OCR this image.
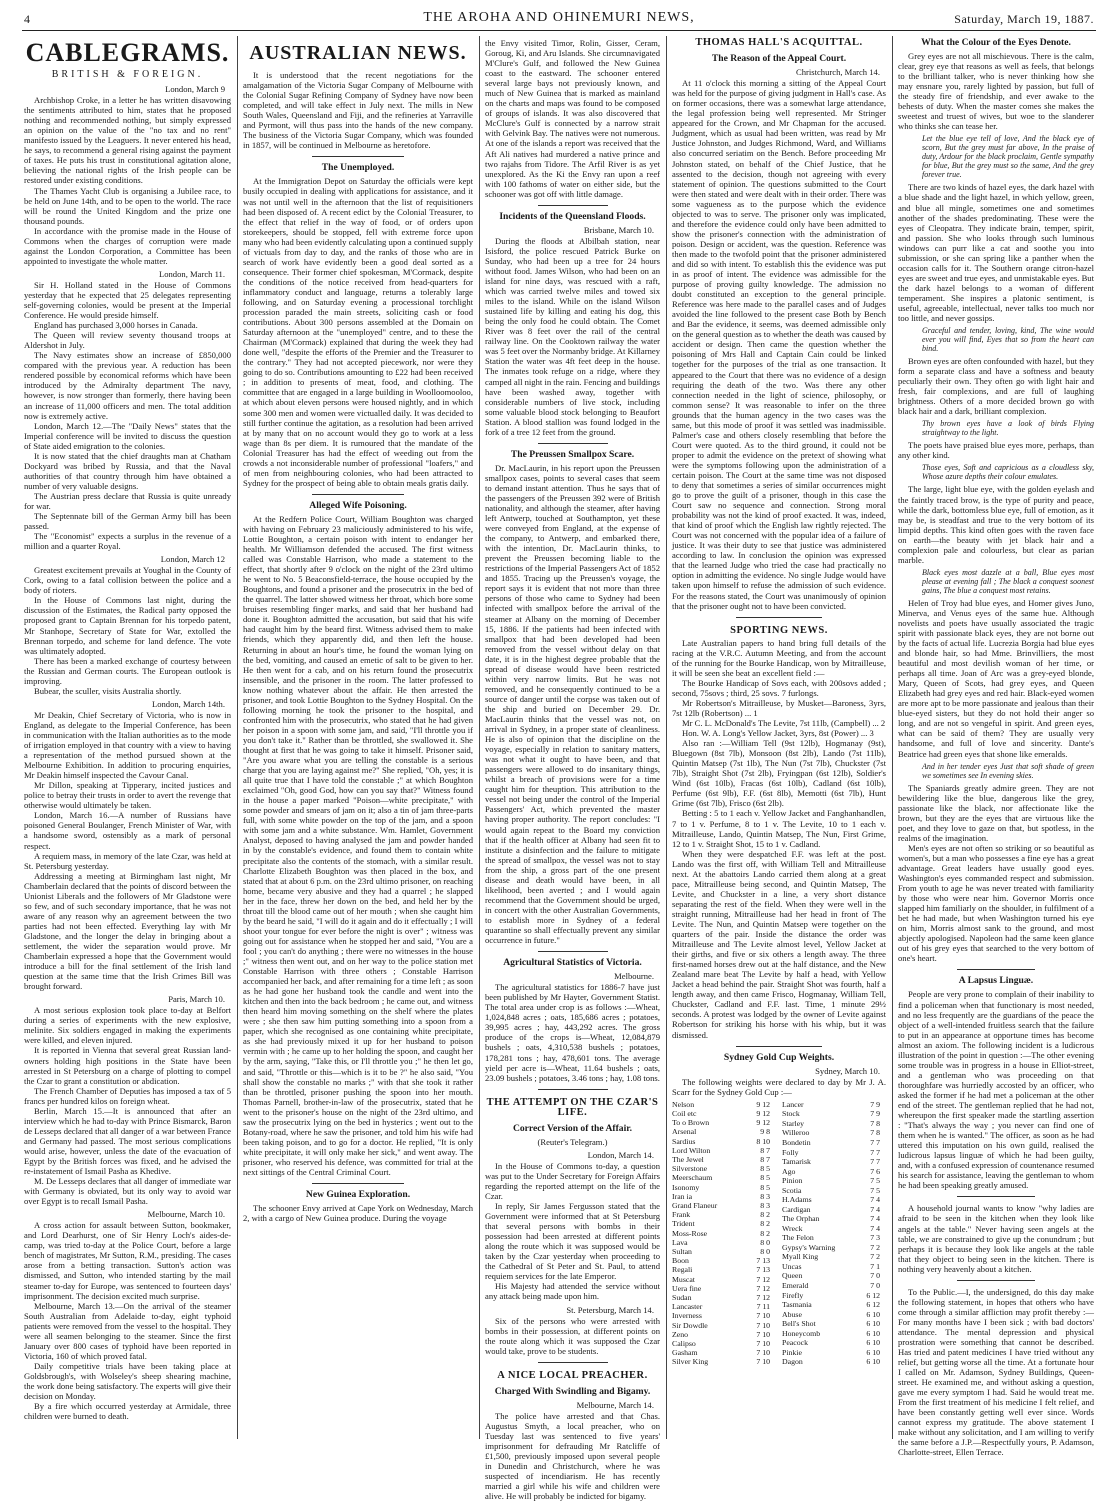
4	THE AROHA AND OHINEMURI NEWS,	Saturday, March 19, 1887.
CABLEGRAMS.
BRITISH & FOREIGN.
London, March 9

Archbishop Croke, in a letter he has written disavowing the sentiments attributed to him, states that he proposed nothing and recommended nothing, but simply expressed an opinion on the value of the "no tax and no rent" manifesto issued by the Leaguers. It never entered his head, he says, to recommend a general rising against the payment of taxes. He puts his trust in constitutional agitation alone, believing the national rights of the Irish people can be restored under existing conditions.

The Thames Yacht Club is organising a Jubilee race, to be held on June 14th, and to be open to the world. The race will be round the United Kingdom and the prize one thousand pounds.

In accordance with the promise made in the House of Commons when the charges of corruption were made against the London Corporation, a Committee has been appointed to investigate the whole matter.

London, March 11.

Sir H. Holland stated in the House of Commons yesterday that he expected that 25 delegates representing self-governing colonies, would be present at the Imperial Conference. He would preside himself.

England has purchased 3,000 horses in Canada.

The Queen will review seventy thousand troops at Aldershot in July.

The Navy estimates show an increase of £850,000 compared with the previous year. A reduction has been rendered possible by economical reforms which have been introduced by the Admiralty department The navy, however, is now stronger than formerly, there having been an increase of 11,000 officers and men. The total addition now is extremely active.

London, March 12.—The "Daily News" states that the Imperial conference will be invited to discuss the question of State aided emigration to the colonies.

It is now stated that the chief draughts man at Chatham Dockyard was bribed by Russia, and that the Naval authorities of that country through him have obtained a number of very valuable designs.

The Austrian press declare that Russia is quite unready for war.

The Septennate bill of the German Army bill has been passed.

The "Economist" expects a surplus in the revenue of a million and a quarter Royal.

London, March 12

Greatest excitement prevails at Youghal in the County of Cork, owing to a fatal collision between the police and a body of rioters.

In the House of Commons last night, during the discussion of the Estimates, the Radical party opposed the proposed grant to Captain Brennan for his torpedo patent, Mr Stanhope, Secretary of State for War, extolled the Brennan torpedo, and scheme for land defence. The vote was ultimately adopted.

There has been a marked exchange of courtesy between the Russian and German courts. The European outlook is improving.

Bubear, the sculler, visits Australia shortly.

London, March 14th.

Mr Deakin, Chief Secretary of Victoria, who is now in England, as delegate to the Imperial Conference, has been in communication with the Italian authorities as to the mode of irrigation employed in that country with a view to having a representation of the method pursued shown at the Melbourne Exhibition. In addition to procuring enquiries, Mr Deakin himself inspected the Cavour Canal.

Mr Dillon, speaking at Tipperary, incited justices and police to betray their trusts in order to avert the revenge that otherwise would ultimately be taken.

London, March 16.—A number of Russians have poisoned General Boulanger, French Minister of War, with a handsome sword, ostensibly as a mark of personal respect.

A requiem mass, in memory of the late Czar, was held at St. Petersburg yesterday.

Addressing a meeting at Birmingham last night, Mr Chamberlain declared that the points of discord between the Unionist Liberals and the followers of Mr Gladstone were so few, and of such secondary importance, that he was not aware of any reason why an agreement between the two parties had not been effected. Everything lay with Mr Gladstone, and the longer the delay in bringing about a settlement, the wider the separation would prove. Mr Chamberlain expressed a hope that the Government would introduce a bill for the final settlement of the Irish land question at the same time that the Irish Crimes Bill was brought forward.

Paris, March 10.

A most serious explosion took place to-day at Belfort during a series of experiments with the new explosive, melinite. Six soldiers engaged in making the experiments were killed, and eleven injured.

It is reported in Vienna that several great Russian land-owners holding high positions in the State have been arrested in St Petersburg on a charge of plotting to compel the Czar to grant a constitution or abdication.

The French Chamber of Deputies has imposed a tax of 5 francs per hundred kilos on foreign wheat.

Berlin, March 15.—It is announced that after an interview which he had to-day with Prince Bismarck, Baron de Lesseps declared that all danger of a war between France and Germany had passed. The most serious complications would arise, however, unless the date of the evacuation of Egypt by the British forces was fixed, and he advised the re-instatement of Ismail Pasha as Khedive.

M. De Lesseps declares that all danger of immediate war with Germany is obviated, but its only way to avoid war over Egypt is to recall Ismail Pasha.

Melbourne, March 10.

A cross action for assault between Sutton, bookmaker, and Lord Dearhurst, one of Sir Henry Loch's aides-de-camp, was tried to-day at the Police Court, before a large bench of magistrates, Mr Sutton, R.M., presiding. The cases arose from a betting transaction. Sutton's action was dismissed, and Sutton, who intended starting by the mail steamer to-day for Europe, was sentenced to fourteen days' imprisonment. The decision excited much surprise.

Melbourne, March 13.—On the arrival of the steamer South Australian from Adelaide to-day, eight typhoid patients were removed from the vessel to the hospital. They were all seamen belonging to the steamer. Since the first January over 800 cases of typhoid have been reported in Victoria, 160 of which proved fatal.

Daily competitive trials have been taking place at Goldsbrough's, with Wolseley's sheep shearing machine, the work done being satisfactory. The experts will give their decision on Monday.

By a fire which occurred yesterday at Armidale, three children were burned to death.

AUSTRALIAN NEWS.

It is understood that the recent negotiations for the amalgamation of the Victoria Sugar Company of Melbourne with the Colonial Sugar Refining Company of Sydney have now been completed, and will take effect in July next. The mills in New South Wales, Queensland and Fiji, and the refineries at Yarraville and Pyrmont, will thus pass into the hands of the new company. The business of the Victoria Sugar Company, which was founded in 1857, will be continued in Melbourne as heretofore.

The Unemployed.

At the Immigration Depot on Saturday the officials were kept busily occupied in dealing with applications for assistance, and it was not until well in the afternoon that the list of requisitioners had been disposed of. A recent edict by the Colonial Treasurer, to the effect that relief in the way of food, or of orders upon storekeepers, should be stopped, fell with extreme force upon many who had been evidently calculating upon a continued supply of victuals from day to day, and the ranks of those who are in search of work have evidently been a good deal sorted as a consequence. Their former chief spokesman, M'Cormack, despite the conditions of the notice received from head-quarters for inflammatory conduct and language, returns a tolerably large following, and on Saturday evening a processional torchlight procession paraded the main streets, soliciting cash or food contributions. About 300 persons assembled at the Domain on Saturday afternoon at the "unemployed" centre, and to these the Chairman (M'Cormack) explained that during the week they had done well, "despite the efforts of the Premier and the Treasurer to the contrary." They had not accepted piecework, nor were they going to do so. Contributions amounting to £22 had been received ; in addition to presents of meat, food, and clothing. The committee that are engaged in a large building in Woolloomooloo, at which about eleven persons were housed nightly, and in which some 300 men and women were victualled daily. It was decided to still further continue the agitation, as a resolution had been arrived at by many that on no account would they go to work at a less wage than 8s per diem. It is rumoured that the mandate of the Colonial Treasurer has had the effect of weeding out from the crowds a not inconsiderable number of professional "loafers," and of men from neighbouring colonies, who had been attracted to Sydney for the prospect of being able to obtain meals gratis daily.

Alleged Wife Poisoning.

At the Redfern Police Court, William Boughton was charged with having on February 23 maliciously administered to his wife, Lottie Boughton, a certain poison with intent to endanger her health. Mr Williamson defended the accused. The first witness called was Constable Harrison, who made a statement to the effect, that shortly after 9 o'clock on the night of the 23rd ultimo he went to No. 5 Beaconsfield-terrace, the house occupied by the Boughtons, and found a prisoner and the prosecutrix in the bed of the quarrel. The latter showed witness her throat, which bore some bruises resembling finger marks, and said that her husband had done it. Boughton admitted the accusation, but said that his wife had caught him by the beard first. Witness advised them to make friends, which they apparently did, and then left the house. Returning in about an hour's time, he found the woman lying on the bed, vomiting, and caused an emetic of salt to be given to her. He then went for a cab, and on his return found the prosecutrix insensible, and the prisoner in the room. The latter professed to know nothing whatever about the affair. He then arrested the prisoner, and took Lottie Boughton to the Sydney Hospital. On the following morning he took the prisoner to the hospital, and confronted him with the prosecutrix, who stated that he had given her poison in a spoon with some jam, and said, "I'll throttle you if you don't take it." Rather than be throttled, she swallowed it. She thought at first that he was going to take it himself. Prisoner said, "Are you aware what you are telling the constable is a serious charge that you are laying against me?" She replied, "Oh, yes; it is all quite true that I have told the constable ;" at which Boughton exclaimed "Oh, good God, how can you say that?" Witness found in the house a paper marked "Poison—white precipitate," with some powder and smears of jam on it; also a tin of jam three-parts full, with some white powder on the top of the jam, and a spoon with some jam and a white substance. Wm. Hamlet, Government Analyst, deposed to having analysed the jam and powder handed in by the constable's evidence, and found them to contain white precipitate also the contents of the stomach, with a similar result. Charlotte Elizabeth Boughton was then placed in the box, and stated that at about 6 p.m. on the 23rd ultimo prisoner, on reaching home, became very abusive and they had a quarrel ; he slapped her in the face, threw her down on the bed, and held her by the throat till the blood came out of her mouth ; when she caught him by the beard he said, "I will do it again and do it effectually ; I will shoot your tongue for ever before the night is over" ; witness was going out for assistance when he stopped her and said, "You are a fool ; you can't do anything ; there were no witnesses in the house ;" witness then went out, and on her way to the police station met Constable Harrison with three others ; Constable Harrison accompanied her back, and after remaining for a time left ; as soon as he had gone her husband took the candle and went into the kitchen and then into the back bedroom ; he came out, and witness then heard him moving something on the shelf where the plates were ; she then saw him putting something into a spoon from a paper, which she recognised as one containing white precipitate, as she had previously mixed it up for her husband to poison vermin with ; he came up to her holding the spoon, and caught her by the arm, saying, "Take this, or I'll throttle you ;" he then let go, and said, "Throttle or this—which is it to be ?" he also said, "You shall show the constable no marks ;" with that she took it rather than be throttled, prisoner pushing the spoon into her mouth. Thomas Parnell, brother-in-law of the prosecutrix, stated that he went to the prisoner's house on the night of the 23rd ultimo, and saw the prosecutrix lying on the bed in hysterics ; went out to the Botany-road, where he saw the prisoner, and told him his wife had been taking poison, and to go for a doctor. He replied, "It is only white precipitate, it will only make her sick," and went away. The prisoner, who reserved his defence, was committed for trial at the next sittings of the Central Criminal Court.

New Guinea Exploration.

The schooner Envy arrived at Cape York on Wednesday, March 2, with a cargo of New Guinea produce. During the voyage

the Envy visited Timor, Rolin, Gisser, Ceram, Goroug, Ki, and Aru Islands. She circumnavigated M'Clure's Gulf, and followed the New Guinea coast to the eastward. The schooner entered several large bays not previously known, and much of New Guinea that is marked as mainland on the charts and maps was found to be composed of groups of islands. It was also discovered that McClure's Gulf is connected by a narrow strait with Gelvink Bay. The natives were not numerous. At one of the islands a report was received that the Aft Ali natives had murdered a native prince and two rajahs from Tidore. The Arfil River is as yet unexplored. As the Ki the Envy ran upon a reef with 100 fathoms of water on either side, but the schooner was got off with little damage.

Incidents of the Queensland Floods.
Brisbane, March 10.

During the floods at Albilbah station, near Isisford, the police rescued Patrick Burke on Sunday, who had been up a tree for 24 hours without food. James Wilson, who had been on an island for nine days, was rescued with a raft, which was carried twelve miles and towed six miles to the island. While on the island Wilson sustained life by killing and eating his dog, this being the only food he could obtain. The Comet River was 8 feet over the rail of the central railway line. On the Cooktown railway the water was 5 feet over the Normanby bridge. At Killarney Station the water was 4ft feet deep in the house. The inmates took refuge on a ridge, where they camped all night in the rain. Fencing and buildings have been washed away, together with considerable numbers of live stock, including some valuable blood stock belonging to Beaufort Station. A blood stallion was found lodged in the fork of a tree 12 feet from the ground.

The Preussen Smallpox Scare.

Dr. MacLaurin, in his report upon the Preussen smallpox cases, points to several cases that seem to demand instant attention. Thus he says that of the passengers of the Preussen 392 were of British nationality, and although the steamer, after having left Antwerp, touched at Southampton, yet these were conveyed from England, at the expense of the company, to Antwerp, and embarked there, with the intention, Dr. MacLaurin thinks, to prevent the Preussen becoming liable to the restrictions of the Imperial Passengers Act of 1852 and 1855. Tracing up the Preussen's voyage, the report says it is evident that not more than three persons of those who came to Sydney had been infected with smallpox before the arrival of the steamer at Albany on the morning of December 15, 1886. If the patients had been infected with smallpox that had been developed had been removed from the vessel without delay on that date, it is in the highest degree probable that the spread of disease would have been restricted within very narrow limits. But he was not removed, and he consequently continued to be a source of danger until the corpse was taken out of the ship and buried on December 29. Dr. MacLaurin thinks that the vessel was not, on arrival in Sydney, in a proper state of cleanliness. He is also of opinion that the discipline on the voyage, especially in relation to sanitary matters, was not what it ought to have been, and that passengers were allowed to do insanitary things, whilst a breach of provisions were for a time caught him for theuption. This attribution to the vessel not being under the control of the Imperial Passengers' Act, which prevented the master having proper authority. The report concludes: "I would again repeat to the Board my conviction that if the health officer at Albany had seen fit to institute a disinfection and the failure to mitigate the spread of smallpox, the vessel was not to stay from the ship, a gross part of the one present disease and death would have been, in all likelihood, been averted ; and I would again recommend that the Government should be urged, in concert with the other Australian Governments, to establish more in Sydney of a federal quarantine so shall effectually prevent any similar occurrence in future."

Agricultural Statistics of Victoria.
Melbourne.

The agricultural statistics for 1886-7 have just been published by Mr Hayter, Government Statist. The total area under crop is as follows :—Wheat, 1,024,848 acres ; oats, 185,686 acres ; potatoes, 39,995 acres ; hay, 443,292 acres. The gross produce of the crops is—Wheat, 12,084,879 bushels ; oats, 4,310,538 bushels ; potatoes, 178,281 tons ; hay, 478,601 tons. The average yield per acre is—Wheat, 11.64 bushels ; oats, 23.09 bushels ; potatoes, 3.46 tons ; hay, 1.08 tons.

THE ATTEMPT ON THE CZAR'S LIFE.
Correct Version of the Affair.
(Reuter's Telegram.)
London, March 14.

In the House of Commons to-day, a question was put to the Under Secretary for Foreign Affairs regarding the reported attempt on the life of the Czar.

In reply, Sir James Fergusson stated that the Government were informed that at St Petersburg that several persons with bombs in their possession had been arrested at different points along the route which it was supposed would be taken by the Czar yesterday when proceeding to the Cathedral of St Peter and St. Paul, to attend requiem services for the late Emperor.

His Majesty had attended the service without any attack being made upon him.

St. Petersburg, March 14.

Six of the persons who were arrested with bombs in their possession, at different points on the route along which it was supposed the Czar would take, prove to be students.

A NICE LOCAL PREACHER.
Charged With Swindling and Bigamy.
Melbourne, March 14.

The police have arrested and that Chas. Augustus Smyth, a local preacher, who on Tuesday last was sentenced to five years' imprisonment for defrauding Mr Ratcliffe of £1,500, previously imposed upon several people in Dunedin and Christchurch, where he was suspected of incendiarism. He has recently married a girl while his wife and children were alive. He will probably be indicted for bigamy.

THOMAS HALL'S ACQUITTAL.
The Reason of the Appeal Court.
Christchurch, March 14.

At 11 o'clock this morning a sitting of the Appeal Court was held for the purpose of giving judgment in Hall's case. As on former occasions, there was a somewhat large attendance, the legal profession being well represented. Mr Stringer appeared for the Crown, and Mr Chapman for the accused. Judgment, which as usual had been written, was read by Mr Justice Johnston, and Judges Richmond, Ward, and Williams also concurred seriatim on the Bench. Before proceeding Mr Johnston stated, on behalf of the Chief Justice, that he assented to the decision, though not agreeing with every statement of opinion. The questions submitted to the Court were then stated and were dealt with in their order. There was some vagueness as to the purpose which the evidence objected to was to serve. The prisoner only was implicated, and therefore the evidence could only have been admitted to show the prisoner's connection with the administration of poison. Design or accident, was the question. Reference was then made to the twofold point that the prisoner administered and did so with intent. To establish this the evidence was put in as proof of intent. The evidence was admissible for the purpose of proving guilty knowledge. The admission no doubt constituted an exception to the general principle. Reference was here made to the parallel cases and of Judges avoided the line followed to the present case Both by Bench and Bar the evidence, it seems, was deemed admissible only on the general question as to whether the death was caused by accident or design. Then came the question whether the poisoning of Mrs Hall and Captain Cain could be linked together for the purposes of the trial as one transaction. It appeared to the Court that there was no evidence of a design requiring the death of the two. Was there any other connection needed in the light of science, philosophy, or common sense? It was reasonable to infer on the three grounds that the human agency in the two cases was the same, but this mode of proof it was settled was inadmissible. Palmer's case and others closely resembling that before the Court were quoted. As to the third ground, it could not be proper to admit the evidence on the pretext of showing what were the symptoms following upon the administration of a certain poison. The Court at the same time was not disposed to deny that sometimes a series of similar occurrences might go to prove the guilt of a prisoner, though in this case the Court saw no sequence and connection. Strong moral probability was not the kind of proof exacted. It was, indeed, that kind of proof which the English law rightly rejected. The Court was not concerned with the popular idea of a failure of justice. It was their duty to see that justice was administered according to law. In conclusion the opinion was expressed that the learned Judge who tried the case had practically no option in admitting the evidence. No single Judge would have taken upon himself to refuse the admission of such evidence. For the reasons stated, the Court was unanimously of opinion that the prisoner ought not to have been convicted.

SPORTING NEWS.

Late Australian papers to hand bring full details of the racing at the V.R.C. Autumn Meeting, and from the account of the running for the Bourke Handicap, won by Mitrailleuse, it will be seen she beat an excellent field :—

The Bourke Handicap of Sovs each, with 200sovs added ; second, 75sovs ; third, 25 sovs. 7 furlongs.

Mr Robertson's Mitrailleuse, by Musket—Baroness, 3yrs, 7st 12lb (Robertson) ... 1

Mr C. L. McDonald's The Levite, 7st 11lb, (Campbell) ... 2

Hon. W. A. Long's Yellow Jacket, 3yrs, 8st (Power) ... 3

Also ran :—William Tell (9st 12lb), Hogmanay (9st), Bluegown (8st 7lb), Monsoon (8st 2lb), Lando (7st 11lb), Quintin Matsep (7st 1lb), The Nun (7st 7lb), Chuckster (7st 7lb), Straight Shot (7st 2lb), Fryingpan (6st 12lb), Soldier's Wind (6st 10lb), Fracas (6st 10lb), Cadland (6st 10lb), Perfume (6st 9lb), F.F. (6st 8lb), Memotti (6st 7lb), Hunt Grime (6st 7lb), Frisco (6st 2lb).

Betting : 5 to 1 each v. Yellow Jacket and Fanghanhandlen, 7 to 1 v. Perfume, 8 to 1 v. The Levite, 10 to 1 each v. Mitrailleuse, Lando, Quintin Matsep, The Nun, First Grime, 12 to 1 v. Straight Shot, 15 to 1 v. Cadland.

When they were despatched F.F. was left at the post. Lando was the first off, with William Tell and Mitrailleuse next. At the abattoirs Lando carried them along at a great pace, Mitrailleuse being second, and Quintin Matsep, The Levite, and Chuckster in a line, a very short distance separating the rest of the field. When they were well in the straight running, Mitrailleuse had her head in front of The Levite. The Nun, and Quintin Matsep were together on the quarters of the pair. Inside the distance the order was Mitrailleuse and The Levite almost level, Yellow Jacket at their girths, and five or six others a length away. The three first-named horses drew out at the half distance, and the New Zealand mare beat The Levite by half a head, with Yellow Jacket a head behind the pair. Straight Shot was fourth, half a length away, and then came Frisco, Hogmanay, William Tell, Chuckster, Cadland and F.F. last. Time, 1 minute 29½ seconds. A protest was lodged by the owner of Levite against Robertson for striking his horse with his whip, but it was dismissed.

Sydney Gold Cup Weights.
Sydney, March 10.

The following weights were declared to day by Mr J. A. Scarr for the Sydney Gold Cup :—

Nelson	9 12
Coil etc	9 12
To o Brown	9 12
Arsenal	9 8
Sardius	8 10
Lord Wilton	8 7
The Jewel	8 7
Silverstone	8 5
Meerschaum	8 5
Isonomy	8 5
Iran ia	8 3
Grand Flaneur	8 3
Frank	8 2
Trident	8 2
Moss-Rose	8 2
Lava	8 0
Sultan	8 0
Boon	7 13
Regali	7 13
Muscat	7 12
Uera fine	7 12
Sudan	7 12
Lancaster	7 11
Inverness	7 10
Sir Dowdle	7 10
Zeno	7 10
Calipso	7 10
Gasham	7 10
Silver King	7 10
Lancer	7 9
Stock	7 9
Starley	7 8
Willeroo	7 8
Bondetin	7 7
Folly	7 7
Tamarisk	7 7
Ago	7 6
Pinion	7 5
Scotia	7 5
H.Adams	7 4
Cardigan	7 4
The Orphan	7 4
Wreck	7 4
The Felon	7 3
Gypsy's Warning	7 2
Myall King	7 2
Uncas	7 1
Queen	7 0
Emerald	7 0
Firefly	6 12
Tasmania	6 12
Abuse	6 10
Bell's Shot	6 10
Honeycomb	6 10
Peacock	6 10
Pinkie	6 10
Dagon	6 10
What the Colour of the Eyes Denote.

Grey eyes are not all mischievous. There is the calm, clear, grey eye that reasons as well as feels, that belongs to the brilliant talker, who is never thinking how she may ensnare you, rarely lighted by passion, but full of the steady fire of friendship, and ever awake to the behests of duty. When the master comes she makes the sweetest and truest of wives, but woe to the slanderer who thinks she can tease her.

Let the blue eye tell of love, And the black eye of scorn, But the grey must far above, In the praise of duty, Ardour for the black proclaim, Gentle sympathy for blue, But the grey must so the same, And the grey forever true.

There are two kinds of hazel eyes, the dark hazel with a blue shade and the light hazel, in which yellow, green, and blue all mingle, sometimes one and sometimes another of the shades predominating. These were the eyes of Cleopatra. They indicate brain, temper, spirit, and passion. She who looks through such luminous windows can purr like a cat and soothe you into submission, or she can spring like a panther when the occasion calls for it. The Southern orange citron-hazel eyes are sweet and true eyes, and unmistakable eyes. But the dark hazel belongs to a woman of different temperament. She inspires a platonic sentiment, is useful, agreeable, intellectual, never talks too much nor too little, and never gossips.

Graceful and tender, loving, kind, The wine would ever you will find, Eyes that so from the heart can bind.

Brown eyes are often confounded with hazel, but they form a separate class and have a softness and beauty peculiarly their own. They often go with light hair and fresh, fair complexions, and are full of laughing brightness. Others of a more decided brown go with black hair and a dark, brilliant complexion.

Thy brown eyes have a look of birds Flying straightway to the light.

The poets have praised blue eyes more, perhaps, than any other kind.

Those eyes, Soft and capricious as a cloudless sky, Whose azure depths their colour emulates.

The large, light blue eye, with the golden eyelash and the faintly traced brow, is the type of purity and peace, while the dark, bottomless blue eye, full of emotion, as it may be, is steadfast and true to the very bottom of its limpid depths. This kind often goes with the raven face on earth—the beauty with jet black hair and a complexion pale and colourless, but clear as parian marble.

Black eyes most dazzle at a ball, Blue eyes most please at evening fall ; The black a conquest soonest gains, The blue a conquest most retains.

Helen of Troy had blue eyes, and Homer gives Juno, Minerva, and Venus eyes of the same hue. Although novelists and poets have usually associated the tragic spirit with passionate black eyes, they are not borne out by the facts of actual life. Lucrezia Borgia had blue eyes and blonde hair, so had Mme. Brinvilliers, the most beautiful and most devilish woman of her time, or perhaps all time. Joan of Arc was a grey-eyed blonde, Mary, Queen of Scots, had grey eyes, and Queen Elizabeth had grey eyes and red hair. Black-eyed women are more apt to be more passionate and jealous than their blue-eyed sisters, but they do not hold their anger so long, and are not so vengeful in spirit. And green eyes, what can be said of them? They are usually very handsome, and full of love and sincerity. Dante's Beatrice had green eyes that shone like emeralds.

And in her tender eyes Just that soft shade of green we sometimes see In evening skies.

The Spaniards greatly admire green. They are not bewildering like the blue, dangerous like the grey, passionate like the black, nor affectionate like the brown, but they are the eyes that are virtuous like the poet, and they love to gaze on that, but spotless, in the realms of the imagination.

Men's eyes are not often so striking or so beautiful as women's, but a man who possesses a fine eye has a great advantage. Great leaders have usually good eyes. Washington's eyes commanded respect and submission. From youth to age he was never treated with familiarity by those who were near him. Governor Morris once slapped him familiarly on the shoulder, in fulfilment of a bet he had made, but when Washington turned his eye on him, Morris almost sank to the ground, and most abjectly apologised. Napoleon had the same keen glance out of his grey eyes that searched to the very bottom of one's heart.

A Lapsus Linguæ.

People are very prone to complain of their inability to find a policeman when that functionary is most needed, and no less frequently are the guardians of the peace the object of a well-intended fruitless search that the failure to put in an appearance at opportune times has become almost an axiom. The following incident is a ludicrous illustration of the point in question :—The other evening some trouble was in progress in a house in Elliot-street, and a gentleman who was proceeding on that thoroughfare was hurriedly accosted by an officer, who asked the former if he had met a policeman at the other end of the street. The gentleman replied that he had not, whereupon the first speaker made the startling assertion : "That's always the way ; you never can find one of them when he is wanted." The officer, as soon as he had uttered this imputation on his own guild, realised the ludicrous lapsus linguæ of which he had been guilty, and, with a confused expression of countenance resumed his search for assistance, leaving the gentleman to whom he had been speaking greatly amused.

A household journal wants to know "why ladies are afraid to be seen in the kitchen when they look like angels at the table." Never having seen angels at the table, we are constrained to give up the conundrum ; but perhaps it is because they look like angels at the table that they object to being seen in the kitchen. There is nothing very heavenly about a kitchen.

To the Public.—I, the undersigned, do this day make the following statement, in hopes that others who have come through a similar affliction may profit thereby :—For many months have I been sick ; with bad doctors' attendance. The mental depression and physical prostration were something that cannot be described. Has tried and patent medicines I have tried without any relief, but getting worse all the time. At a fortunate hour I called on Mr. Adamson, Sydney Buildings, Queen-street. He examined me, and without asking a question, gave me every symptom I had. Said he would treat me. From the first treatment of his medicine I felt relief, and have been constantly getting well ever since. Words cannot express my gratitude. The above statement I make without any solicitation, and I am willing to verify the same before a J.P.—Respectfully yours, P. Adamson, Charlotte-street, Ellen Terrace.
